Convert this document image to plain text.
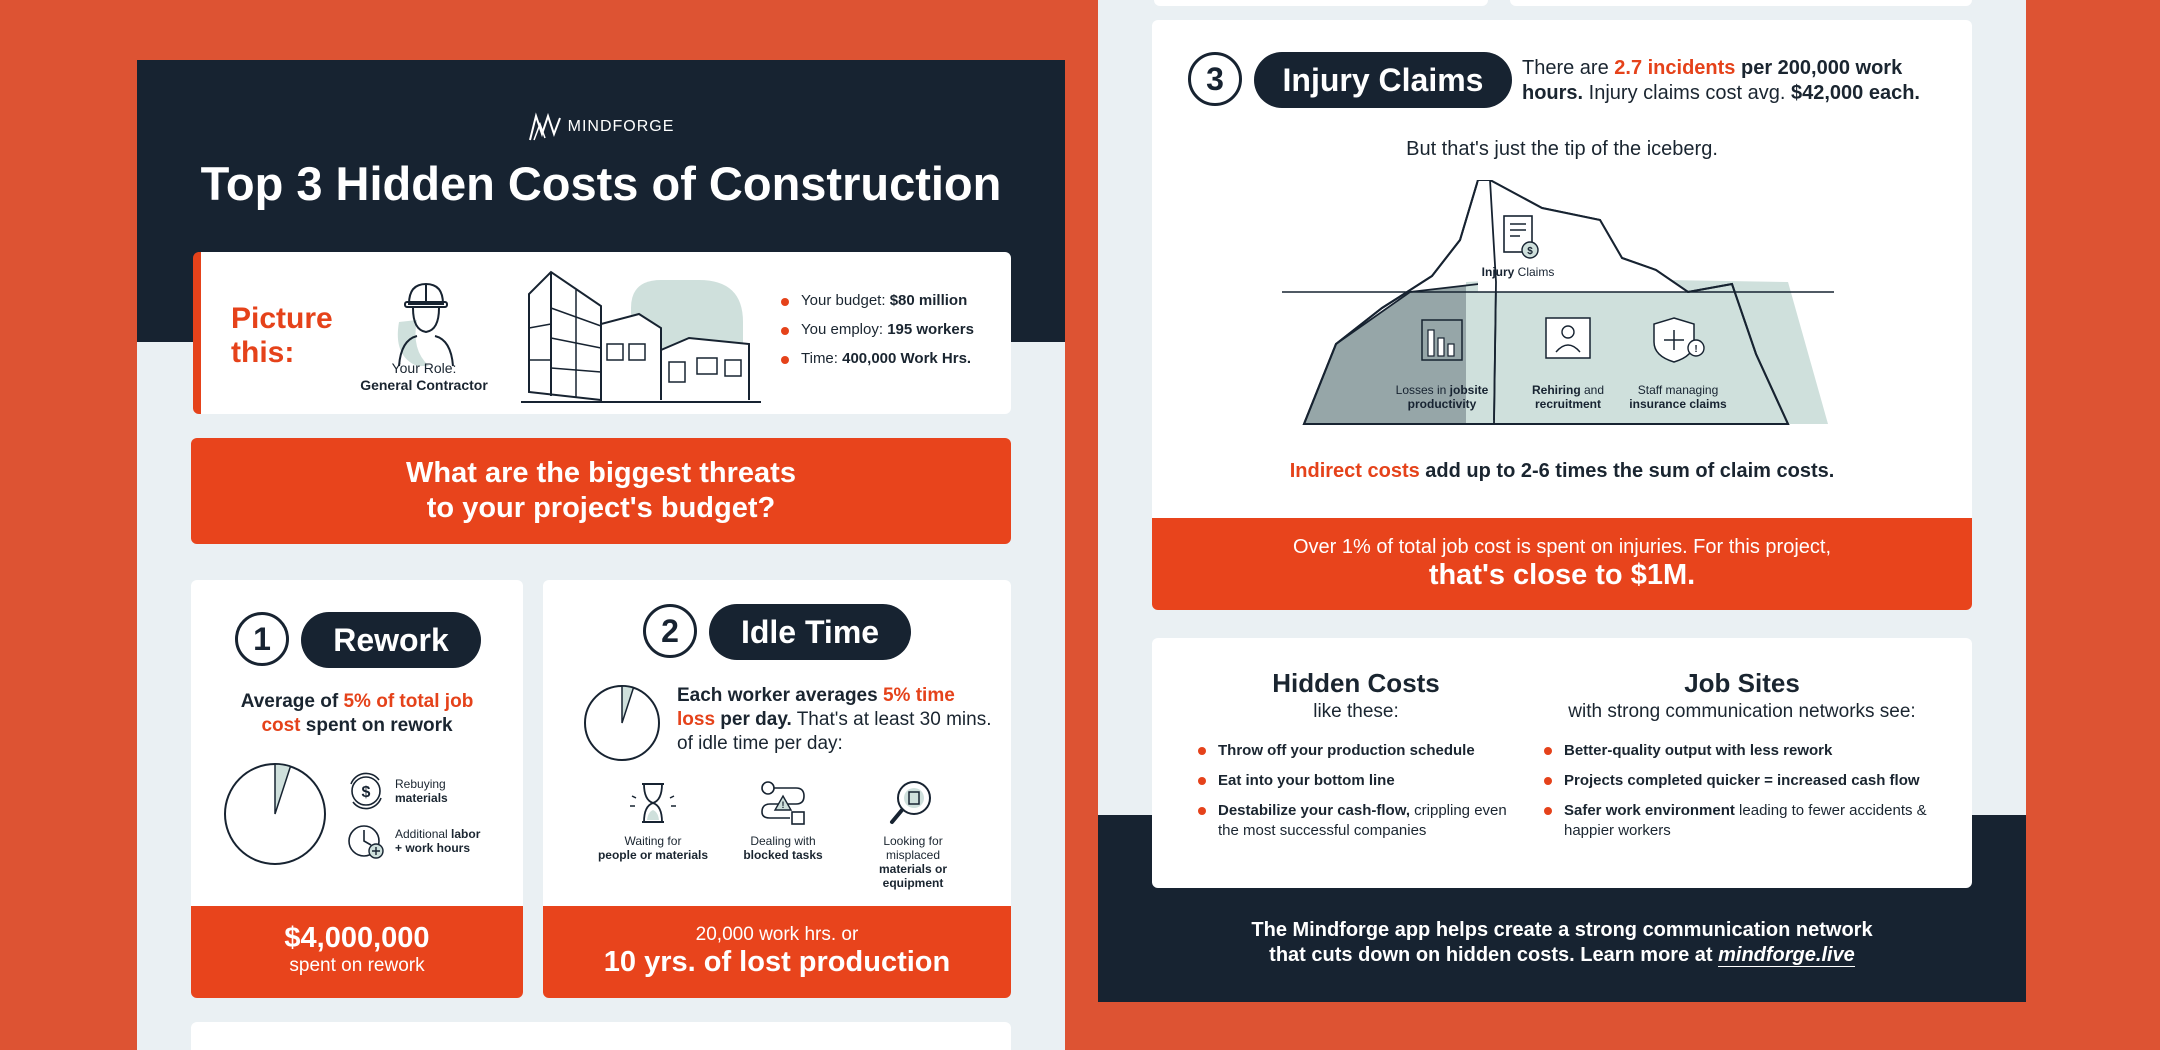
MINDFORGE
Top 3 Hidden Costs of Construction
Picture
this:	Your Role:
General Contractor
Your budget: $80 million
You employ: 195 workers
Time: 400,000 Work Hrs.
What are the biggest threats
to your project's budget?
1	Rework
Average of 5% of total job
cost spent on rework
$ Rebuying
materials
Additional labor
+ work hours
$4,000,000
spent on rework
2	Idle Time
Each worker averages 5% time loss per day. That's at least 30 mins. of idle time per day:
Waiting for
people or materials
!
Dealing with
blocked tasks
Looking for
misplaced
materials or equipment
20,000 work hrs. or
10 yrs. of lost production
3	Injury Claims	There are 2.7 incidents per 200,000 work hours. Injury claims cost avg. $42,000 each.
But that's just the tip of the iceberg.
$
Injury Claims
Losses in jobsite productivity
Rehiring and recruitment
!
Staff managing insurance claims
Indirect costs add up to 2-6 times the sum of claim costs.
Over 1% of total job cost is spent on injuries. For this project,
that's close to $1M.
Hidden Costs
like these:
Throw off your production schedule
Eat into your bottom line
Destabilize your cash-flow, crippling even the most successful companies
Job Sites
with strong communication networks see:
Better-quality output with less rework
Projects completed quicker = increased cash flow
Safer work environment leading to fewer accidents & happier workers
The Mindforge app helps create a strong communication network
that cuts down on hidden costs. Learn more at mindforge.live
